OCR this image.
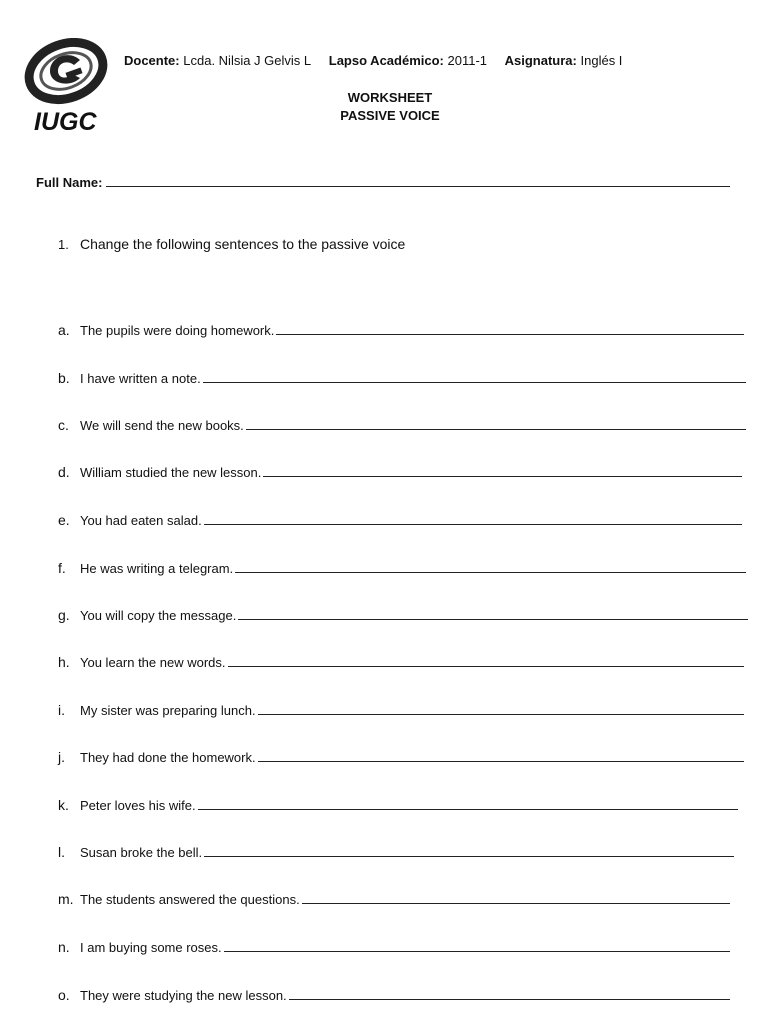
IUGC
Docente: Lcda. Nilsia J Gelvis L Lapso Académico: 2011-1 Asignatura: Inglés I
WORKSHEET
PASSIVE VOICE
Full Name:
1. Change the following sentences to the passive voice
a. The pupils were doing homework.
b. I have written a note.
c. We will send the new books.
d. William studied the new lesson.
e. You had eaten salad.
f.	He was writing a telegram.
g. You will copy the message.
h. You learn the new words.
i.	My sister was preparing lunch.
j.	They had done the homework.
k. Peter loves his wife.
l.	Susan broke the bell.
m. The students answered the questions.
n. I am buying some roses.
o. They were studying the new lesson.
